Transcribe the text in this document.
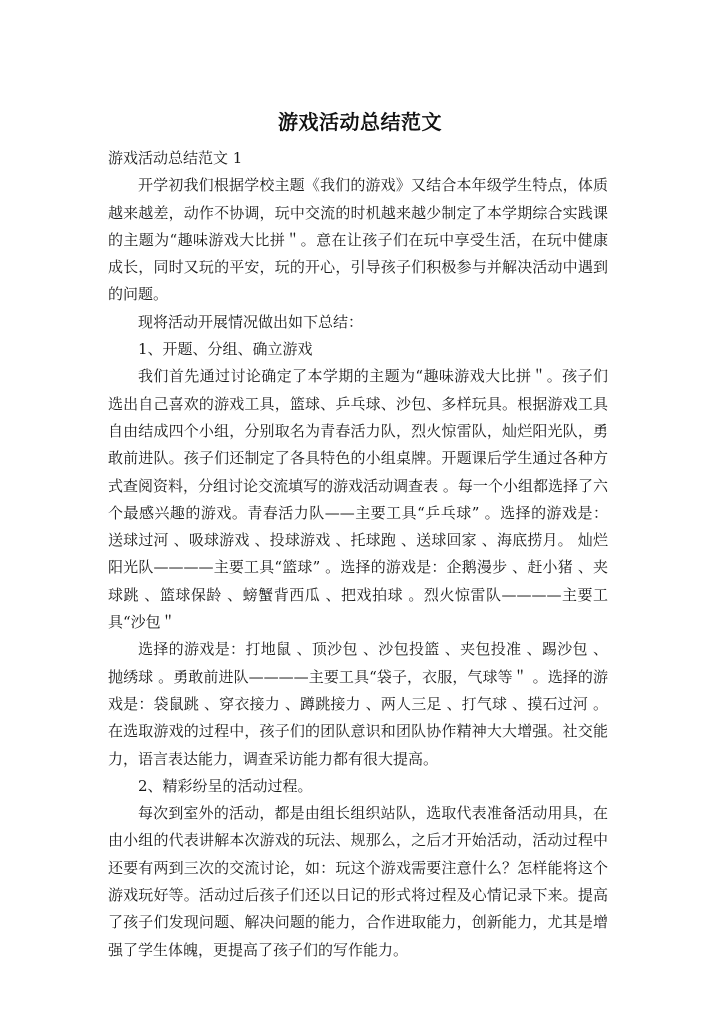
游戏活动总结范文

游戏活动总结范文 1

开学初我们根据学校主题《我们的游戏》又结合本年级学生特点，体质越来越差，动作不协调，玩中交流的时机越来越少制定了本学期综合实践课的主题为“趣味游戏大比拼＂。意在让孩子们在玩中享受生活，在玩中健康成长，同时又玩的平安，玩的开心，引导孩子们积极参与并解决活动中遇到的问题。

现将活动开展情况做出如下总结：

1、开题、分组、确立游戏

我们首先通过讨论确定了本学期的主题为“趣味游戏大比拼＂。孩子们选出自己喜欢的游戏工具，篮球、乒乓球、沙包、多样玩具。根据游戏工具自由结成四个小组，分别取名为青春活力队，烈火惊雷队，灿烂阳光队，勇敢前进队。孩子们还制定了各具特色的小组桌牌。开题课后学生通过各种方式查阅资料，分组讨论交流填写的游戏活动调查表 。每一个小组都选择了六个最感兴趣的游戏。青春活力队——主要工具“乒乓球” 。选择的游戏是：送球过河 、吸球游戏 、投球游戏 、托球跑 、送球回家 、海底捞月。 灿烂阳光队————主要工具“篮球” 。选择的游戏是：企鹅漫步 、赶小猪 、夹球跳 、篮球保龄 、螃蟹背西瓜 、把戏拍球 。烈火惊雷队————主要工具“沙包＂

选择的游戏是：打地鼠 、顶沙包 、沙包投篮 、夹包投准 、踢沙包 、抛绣球 。勇敢前进队————主要工具“袋子，衣服，气球等＂ 。选择的游戏是：袋鼠跳 、穿衣接力 、蹲跳接力 、两人三足 、打气球 、摸石过河 。在选取游戏的过程中，孩子们的团队意识和团队协作精神大大增强。社交能力，语言表达能力，调查采访能力都有很大提高。

2、精彩纷呈的活动过程。

每次到室外的活动，都是由组长组织站队，选取代表准备活动用具，在由小组的代表讲解本次游戏的玩法、规那么，之后才开始活动，活动过程中还要有两到三次的交流讨论，如：玩这个游戏需要注意什么？怎样能将这个游戏玩好等。活动过后孩子们还以日记的形式将过程及心情记录下来。提高了孩子们发现问题、解决问题的能力，合作进取能力，创新能力，尤其是增强了学生体魄，更提高了孩子们的写作能力。
